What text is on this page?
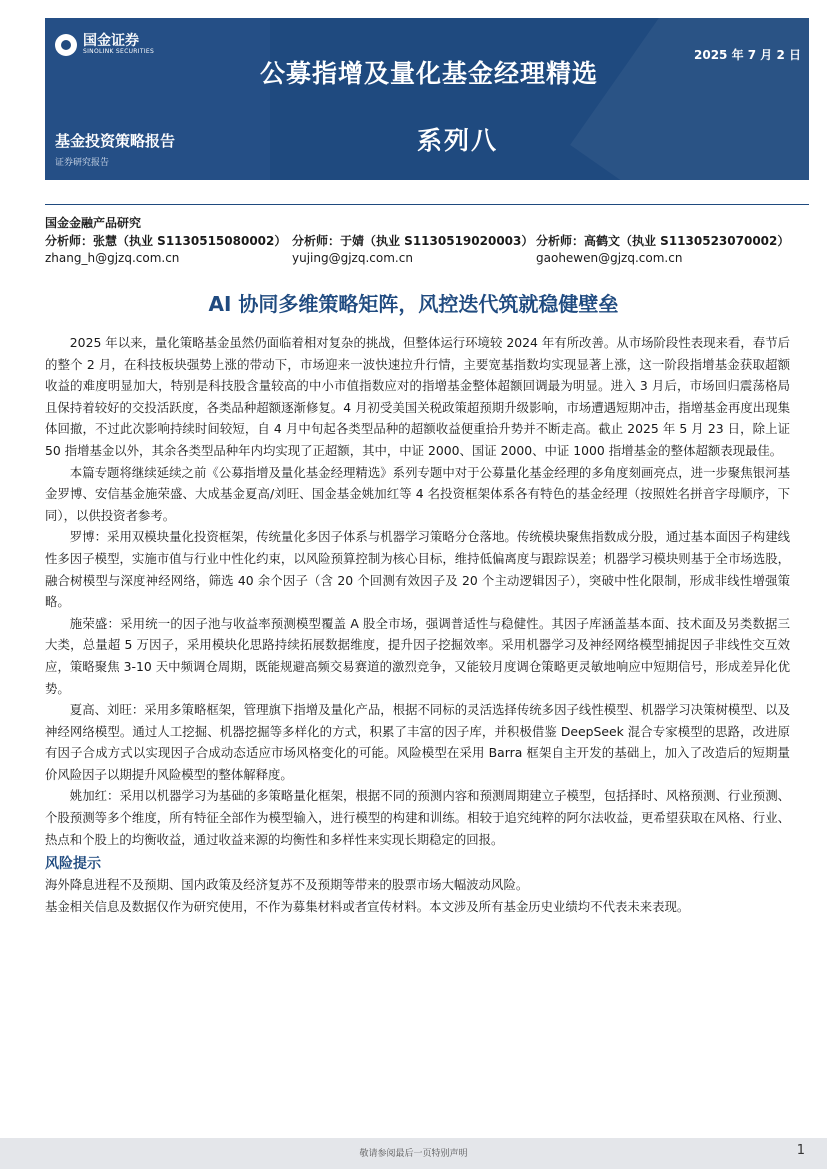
国金证券
SINOLINK SECURITIES	2025 年 7 月 2 日
公募指增及量化基金经理精选
系列八
基金投资策略报告
证券研究报告
国金金融产品研究
分析师：张慧（执业 S1130515080002） 分析师：于婧（执业 S1130519020003） 分析师：高鹤文（执业 S1130523070002）
zhang_h@gjzq.com.cn	yujing@gjzq.com.cn	gaohewen@gjzq.com.cn
AI 协同多维策略矩阵，风控迭代筑就稳健壁垒

2025 年以来，量化策略基金虽然仍面临着相对复杂的挑战，但整体运行环境较 2024 年有所改善。从市场阶段性表现来看，春节后的整个 2 月，在科技板块强势上涨的带动下，市场迎来一波快速拉升行情，主要宽基指数均实现显著上涨，这一阶段指增基金获取超额收益的难度明显加大，特别是科技股含量较高的中小市值指数应对的指增基金整体超额回调最为明显。进入 3 月后，市场回归震荡格局且保持着较好的交投活跃度，各类品种超额逐渐修复。4 月初受美国关税政策超预期升级影响，市场遭遇短期冲击，指增基金再度出现集体回撤，不过此次影响持续时间较短，自 4 月中旬起各类型品种的超额收益便重拾升势并不断走高。截止 2025 年 5 月 23 日，除上证 50 指增基金以外，其余各类型品种年内均实现了正超额，其中，中证 2000、国证 2000、中证 1000 指增基金的整体超额表现最佳。

本篇专题将继续延续之前《公募指增及量化基金经理精选》系列专题中对于公募量化基金经理的多角度刻画亮点，进一步聚焦银河基金罗博、安信基金施荣盛、大成基金夏高/刘旺、国金基金姚加红等 4 名投资框架体系各有特色的基金经理（按照姓名拼音字母顺序，下同），以供投资者参考。

罗博：采用双模块量化投资框架，传统量化多因子体系与机器学习策略分仓落地。传统模块聚焦指数成分股，通过基本面因子构建线性多因子模型，实施市值与行业中性化约束，以风险预算控制为核心目标，维持低偏离度与跟踪误差；机器学习模块则基于全市场选股，融合树模型与深度神经网络，筛选 40 余个因子（含 20 个回测有效因子及 20 个主动逻辑因子），突破中性化限制，形成非线性增强策略。

施荣盛：采用统一的因子池与收益率预测模型覆盖 A 股全市场，强调普适性与稳健性。其因子库涵盖基本面、技术面及另类数据三大类，总量超 5 万因子，采用模块化思路持续拓展数据维度，提升因子挖掘效率。采用机器学习及神经网络模型捕捉因子非线性交互效应，策略聚焦 3-10 天中频调仓周期，既能规避高频交易赛道的激烈竞争，又能较月度调仓策略更灵敏地响应中短期信号，形成差异化优势。

夏高、刘旺：采用多策略框架，管理旗下指增及量化产品，根据不同标的灵活选择传统多因子线性模型、机器学习决策树模型、以及神经网络模型。通过人工挖掘、机器挖掘等多样化的方式，积累了丰富的因子库，并积极借鉴 DeepSeek 混合专家模型的思路，改进原有因子合成方式以实现因子合成动态适应市场风格变化的可能。风险模型在采用 Barra 框架自主开发的基础上，加入了改造后的短期量价风险因子以期提升风险模型的整体解释度。

姚加红：采用以机器学习为基础的多策略量化框架，根据不同的预测内容和预测周期建立子模型，包括择时、风格预测、行业预测、个股预测等多个维度，所有特征全部作为模型输入，进行模型的构建和训练。相较于追究纯粹的阿尔法收益，更希望获取在风格、行业、热点和个股上的均衡收益，通过收益来源的均衡性和多样性来实现长期稳定的回报。

风险提示

海外降息进程不及预期、国内政策及经济复苏不及预期等带来的股票市场大幅波动风险。

基金相关信息及数据仅作为研究使用，不作为募集材料或者宣传材料。本文涉及所有基金历史业绩均不代表未来表现。

敬请参阅最后一页特别声明	1
